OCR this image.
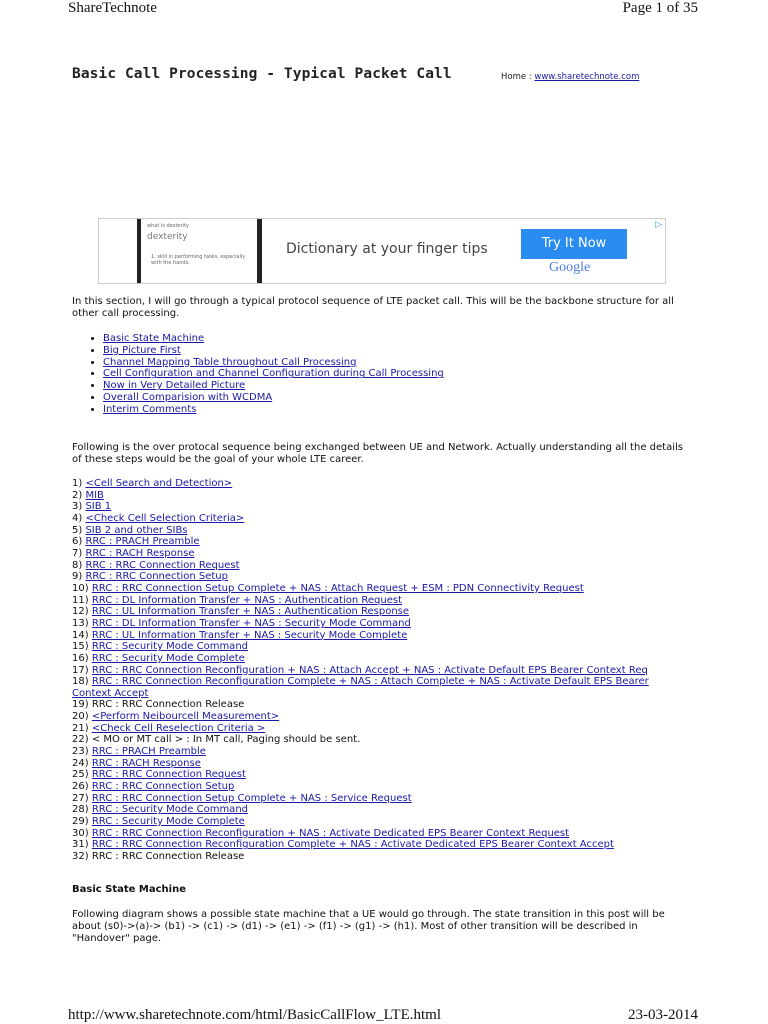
ShareTechnote	Page 1 of 35
Basic Call Processing - Typical Packet Call	Home : www.sharetechnote.com
what is dexterity
dexterity
1. skill in performing tasks, especially with the hands.
Dictionary at your finger tips	Try It Now
Google
▷
In this section, I will go through a typical protocol sequence of LTE packet call. This will be the backbone structure for all other call processing.
• Basic State Machine
• Big Picture First
• Channel Mapping Table throughout Call Processing
• Cell Configuration and Channel Configuration during Call Processing
• Now in Very Detailed Picture
• Overall Comparision with WCDMA
• Interim Comments
Following is the over protocal sequence being exchanged between UE and Network. Actually understanding all the details of these steps would be the goal of your whole LTE career.
1) <Cell Search and Detection>
2) MIB
3) SIB 1
4) <Check Cell Selection Criteria>
5) SIB 2 and other SIBs
6) RRC : PRACH Preamble
7) RRC : RACH Response
8) RRC : RRC Connection Request
9) RRC : RRC Connection Setup
10) RRC : RRC Connection Setup Complete + NAS : Attach Request + ESM : PDN Connectivity Request
11) RRC : DL Information Transfer + NAS : Authentication Request
12) RRC : UL Information Transfer + NAS : Authentication Response
13) RRC : DL Information Transfer + NAS : Security Mode Command
14) RRC : UL Information Transfer + NAS : Security Mode Complete
15) RRC : Security Mode Command
16) RRC : Security Mode Complete
17) RRC : RRC Connection Reconfiguration + NAS : Attach Accept + NAS : Activate Default EPS Bearer Context Req
18) RRC : RRC Connection Reconfiguration Complete + NAS : Attach Complete + NAS : Activate Default EPS Bearer Context Accept
19) RRC : RRC Connection Release
20) <Perform Neibourcell Measurement>
21) <Check Cell Reselection Criteria >
22) < MO or MT call > : In MT call, Paging should be sent.
23) RRC : PRACH Preamble
24) RRC : RACH Response
25) RRC : RRC Connection Request
26) RRC : RRC Connection Setup
27) RRC : RRC Connection Setup Complete + NAS : Service Request
28) RRC : Security Mode Command
29) RRC : Security Mode Complete
30) RRC : RRC Connection Reconfiguration + NAS : Activate Dedicated EPS Bearer Context Request
31) RRC : RRC Connection Reconfiguration Complete + NAS : Activate Dedicated EPS Bearer Context Accept
32) RRC : RRC Connection Release
Basic State Machine
Following diagram shows a possible state machine that a UE would go through. The state transition in this post will be about (s0)->(a)-> (b1) -> (c1) -> (d1) -> (e1) -> (f1) -> (g1) -> (h1). Most of other transition will be described in "Handover" page.
http://www.sharetechnote.com/html/BasicCallFlow_LTE.html	23-03-2014
